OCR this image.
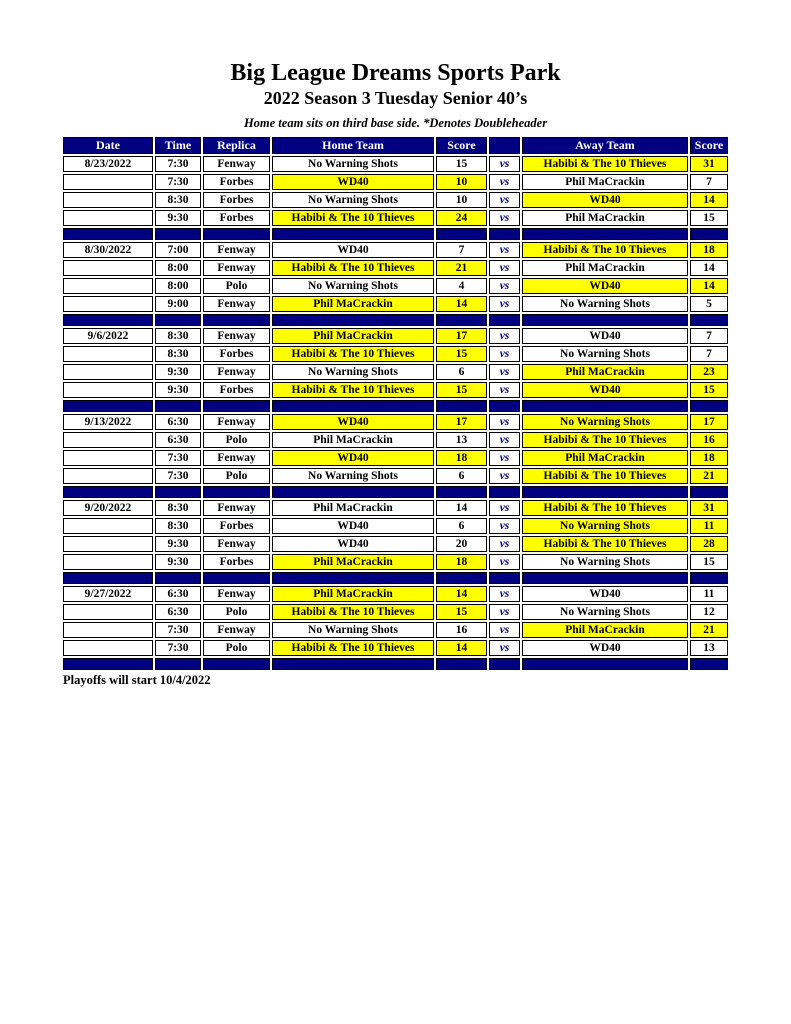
Big League Dreams Sports Park
2022 Season 3 Tuesday Senior 40’s
Home team sits on third base side. *Denotes Doubleheader
Date	Time	Replica	Home Team	Score		Away Team	Score
8/23/2022	7:30	Fenway	No Warning Shots	15	vs	Habibi & The 10 Thieves	31
	7:30	Forbes	WD40	10	vs	Phil MaCrackin	7
	8:30	Forbes	No Warning Shots	10	vs	WD40	14
	9:30	Forbes	Habibi & The 10 Thieves	24	vs	Phil MaCrackin	15

8/30/2022	7:00	Fenway	WD40	7	vs	Habibi & The 10 Thieves	18
	8:00	Fenway	Habibi & The 10 Thieves	21	vs	Phil MaCrackin	14
	8:00	Polo	No Warning Shots	4	vs	WD40	14
	9:00	Fenway	Phil MaCrackin	14	vs	No Warning Shots	5

9/6/2022	8:30	Fenway	Phil MaCrackin	17	vs	WD40	7
	8:30	Forbes	Habibi & The 10 Thieves	15	vs	No Warning Shots	7
	9:30	Fenway	No Warning Shots	6	vs	Phil MaCrackin	23
	9:30	Forbes	Habibi & The 10 Thieves	15	vs	WD40	15

9/13/2022	6:30	Fenway	WD40	17	vs	No Warning Shots	17
	6:30	Polo	Phil MaCrackin	13	vs	Habibi & The 10 Thieves	16
	7:30	Fenway	WD40	18	vs	Phil MaCrackin	18
	7:30	Polo	No Warning Shots	6	vs	Habibi & The 10 Thieves	21

9/20/2022	8:30	Fenway	Phil MaCrackin	14	vs	Habibi & The 10 Thieves	31
	8:30	Forbes	WD40	6	vs	No Warning Shots	11
	9:30	Fenway	WD40	20	vs	Habibi & The 10 Thieves	28
	9:30	Forbes	Phil MaCrackin	18	vs	No Warning Shots	15

9/27/2022	6:30	Fenway	Phil MaCrackin	14	vs	WD40	11
	6:30	Polo	Habibi & The 10 Thieves	15	vs	No Warning Shots	12
	7:30	Fenway	No Warning Shots	16	vs	Phil MaCrackin	21
	7:30	Polo	Habibi & The 10 Thieves	14	vs	WD40	13

Playoffs will start 10/4/2022
